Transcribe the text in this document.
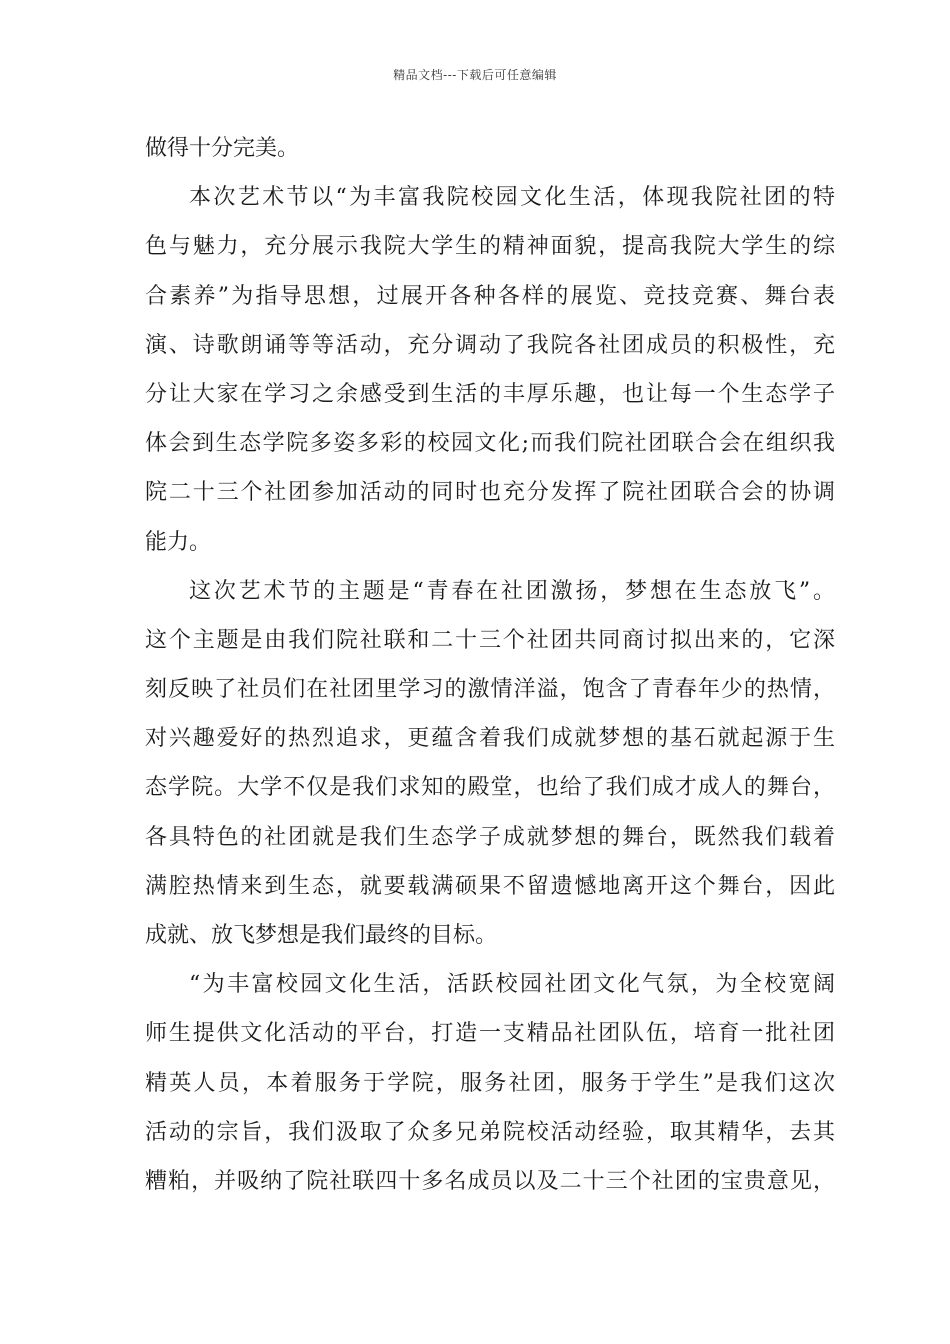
精品文档---下载后可任意编辑
做得十分完美。
本次艺术节以“为丰富我院校园文化生活，体现我院社团的特
色与魅力，充分展示我院大学生的精神面貌，提高我院大学生的综
合素养”为指导思想，过展开各种各样的展览、竞技竞赛、舞台表
演、诗歌朗诵等等活动，充分调动了我院各社团成员的积极性，充
分让大家在学习之余感受到生活的丰厚乐趣，也让每一个生态学子
体会到生态学院多姿多彩的校园文化;而我们院社团联合会在组织我
院二十三个社团参加活动的同时也充分发挥了院社团联合会的协调
能力。
这次艺术节的主题是“青春在社团激扬，梦想在生态放飞”。
这个主题是由我们院社联和二十三个社团共同商讨拟出来的，它深
刻反映了社员们在社团里学习的激情洋溢，饱含了青春年少的热情，
对兴趣爱好的热烈追求，更蕴含着我们成就梦想的基石就起源于生
态学院。大学不仅是我们求知的殿堂，也给了我们成才成人的舞台，
各具特色的社团就是我们生态学子成就梦想的舞台，既然我们载着
满腔热情来到生态，就要载满硕果不留遗憾地离开这个舞台，因此
成就、放飞梦想是我们最终的目标。
“为丰富校园文化生活，活跃校园社团文化气氛，为全校宽阔
师生提供文化活动的平台，打造一支精品社团队伍，培育一批社团
精英人员，本着服务于学院，服务社团，服务于学生”是我们这次
活动的宗旨，我们汲取了众多兄弟院校活动经验，取其精华，去其
糟粕，并吸纳了院社联四十多名成员以及二十三个社团的宝贵意见，
